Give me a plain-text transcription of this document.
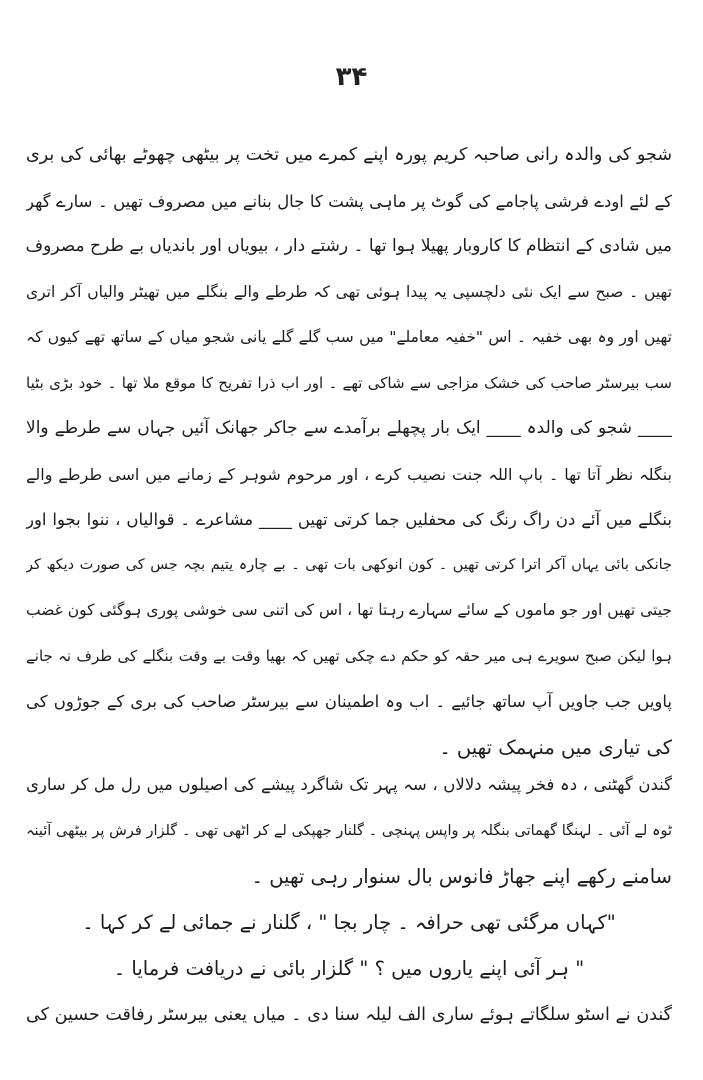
۳۴
شجو کی والدہ رانی صاحبہ کریم پورہ اپنے کمرے میں تخت پر بیٹھی چھوٹے بھائی کی بری
کے لئے اودے فرشی پاجامے کی گوٹ پر ماہی پشت کا جال بنانے میں مصروف تھیں ۔ سارے گھر
میں شادی کے انتظام کا کاروبار پھیلا ہوا تھا ۔ رشتے دار ، بیویاں اور باندیاں بے طرح مصروف
تھیں ۔ صبح سے ایک نئی دلچسپی یہ پیدا ہوئی تھی کہ طرطے والے بنگلے میں تھیٹر والیاں آکر اتری
تھیں اور وہ بھی خفیہ ۔ اس "خفیہ معاملے" میں سب گلے گلے یانی شجو میاں کے ساتھ تھے کیوں کہ
سب بیرسٹر صاحب کی خشک مزاجی سے شاکی تھے ۔ اور اب ذرا تفریح کا موقع ملا تھا ۔ خود بڑی بٹیا
____ شجو کی والدہ ____ ایک بار پچھلے برآمدے سے جاکر جھانک آئیں جہاں سے طرطے والا
بنگلہ نظر آتا تھا ۔ باپ اللہ جنت نصیب کرے ، اور مرحوم شوہر کے زمانے میں اسی طرطے والے
بنگلے میں آئے دن راگ رنگ کی محفلیں جما کرتی تھیں ____ مشاعرے ۔ قوالیاں ، ننوا بجوا اور
جانکی بائی یہاں آکر اترا کرتی تھیں ۔ کون انوکھی بات تھی ۔ بے چارہ یتیم بچہ جس کی صورت دیکھ کر
جیتی تھیں اور جو ماموں کے سائے سہارے رہتا تھا ، اس کی اتنی سی خوشی پوری ہوگئی کون غضب
ہوا لیکن صبح سویرے ہی میر حقہ کو حکم دے چکی تھیں کہ بھیا وقت بے وقت بنگلے کی طرف نہ جانے
پاویں جب جاویں آپ ساتھ جائیے ۔ اب وہ اطمینان سے بیرسٹر صاحب کی بری کے جوڑوں کی
کی تیاری میں منہمک تھیں ۔
گندن گھٹنی ، دہ فخر پیشہ دلالاں ، سہ پہر تک شاگرد پیشے کی اصیلوں میں رل مل کر ساری
ٹوہ لے آئی ۔ لہنگا گھماتی بنگلہ پر واپس پہنچی ۔ گلنار جھپکی لے کر اٹھی تھی ۔ گلزار فرش پر بیٹھی آئینہ
سامنے رکھے اپنے جھاڑ فانوس بال سنوار رہی تھیں ۔
"کہاں مرگئی تھی حرافہ ۔ چار بجا " ، گلنار نے جمائی لے کر کہا ۔
" ہر آئی اپنے یاروں میں ؟ " گلزار بائی نے دریافت فرمایا ۔
گندن نے اسٹو سلگاتے ہوئے ساری الف لیلہ سنا دی ۔ میاں یعنی بیرسٹر رفاقت حسین کی
